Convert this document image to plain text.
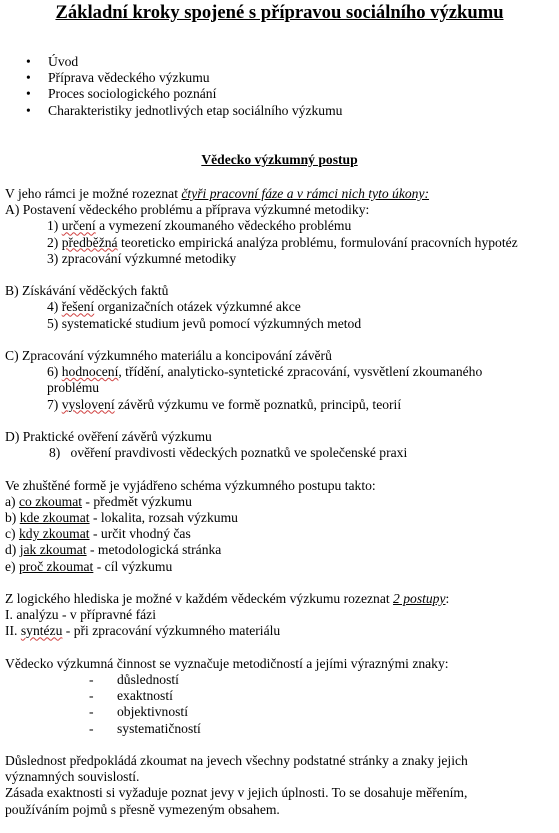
Základní kroky spojené s přípravou sociálního výzkumu
• Úvod
• Příprava vědeckého výzkumu
• Proces sociologického poznání
• Charakteristiky jednotlivých etap sociálního výzkumu
Vědecko výzkumný postup
V jeho rámci je možné rozeznat čtyři pracovní fáze a v rámci nich tyto úkony:
A) Postavení vědeckého problému a příprava výzkumné metodiky:
1) určení a vymezení zkoumaného vědeckého problému
2) předběžná teoreticko empirická analýza problému, formulování pracovních hypotéz
3) zpracování výzkumné metodiky
B) Získávání věděckých faktů
4) řešení organizačních otázek výzkumné akce
5) systematické studium jevů pomocí výzkumných metod
C) Zpracování výzkumného materiálu a koncipování závěrů
6) hodnocení, třídění, analyticko-syntetické zpracování, vysvětlení zkoumaného problému
7) vyslovení závěrů výzkumu ve formě poznatků, principů, teorií
D) Praktické ověření závěrů výzkumu
8)   ověření pravdivosti vědeckých poznatků ve společenské praxi
Ve zhuštěné formě je vyjádřeno schéma výzkumného postupu takto:
a) co zkoumat - předmět výzkumu
b) kde zkoumat - lokalita, rozsah výzkumu
c) kdy zkoumat - určit vhodný čas
d) jak zkoumat - metodologická stránka
e) proč zkoumat - cíl výzkumu
Z logického hlediska je možné v každém vědeckém výzkumu rozeznat 2 postupy:
I. analýzu - v přípravné fázi
II. syntézu - při zpracování výzkumného materiálu
Vědecko výzkumná činnost se vyznačuje metodičností a jejími výraznými znaky:
- důsledností
- exaktností
- objektivností
- systematičností
Důslednost předpokládá zkoumat na jevech všechny podstatné stránky a znaky jejich významných souvislostí.
Zásada exaktnosti si vyžaduje poznat jevy v jejich úplnosti. To se dosahuje měřením, používáním pojmů s přesně vymezeným obsahem.
